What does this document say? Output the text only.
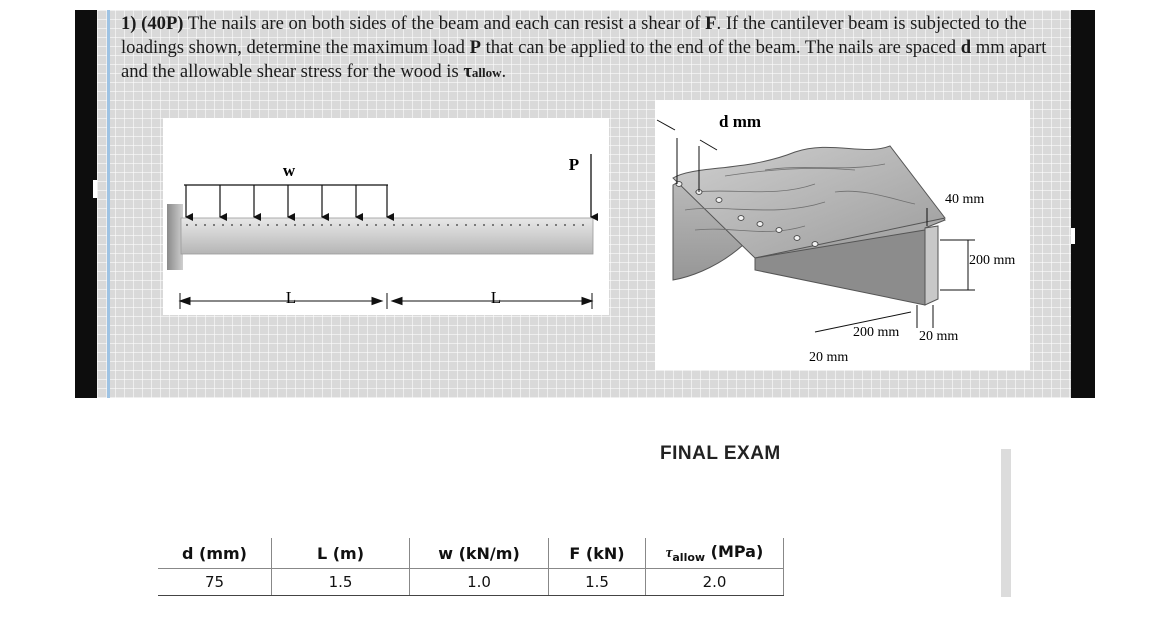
1) (40P) The nails are on both sides of the beam and each can resist a shear of F. If the cantilever beam is subjected to the loadings shown, determine the maximum load P that can be applied to the end of the beam. The nails are spaced d mm apart and the allowable shear stress for the wood is τallow.
w	P
L	L
d mm
40 mm
200 mm
200 mm 20 mm
20 mm
FINAL EXAM
d (mm)	L (m)	w (kN/m)	F (kN)	$\tau_{allow}$ (MPa)
75	1.5	1.0	1.5	2.0
